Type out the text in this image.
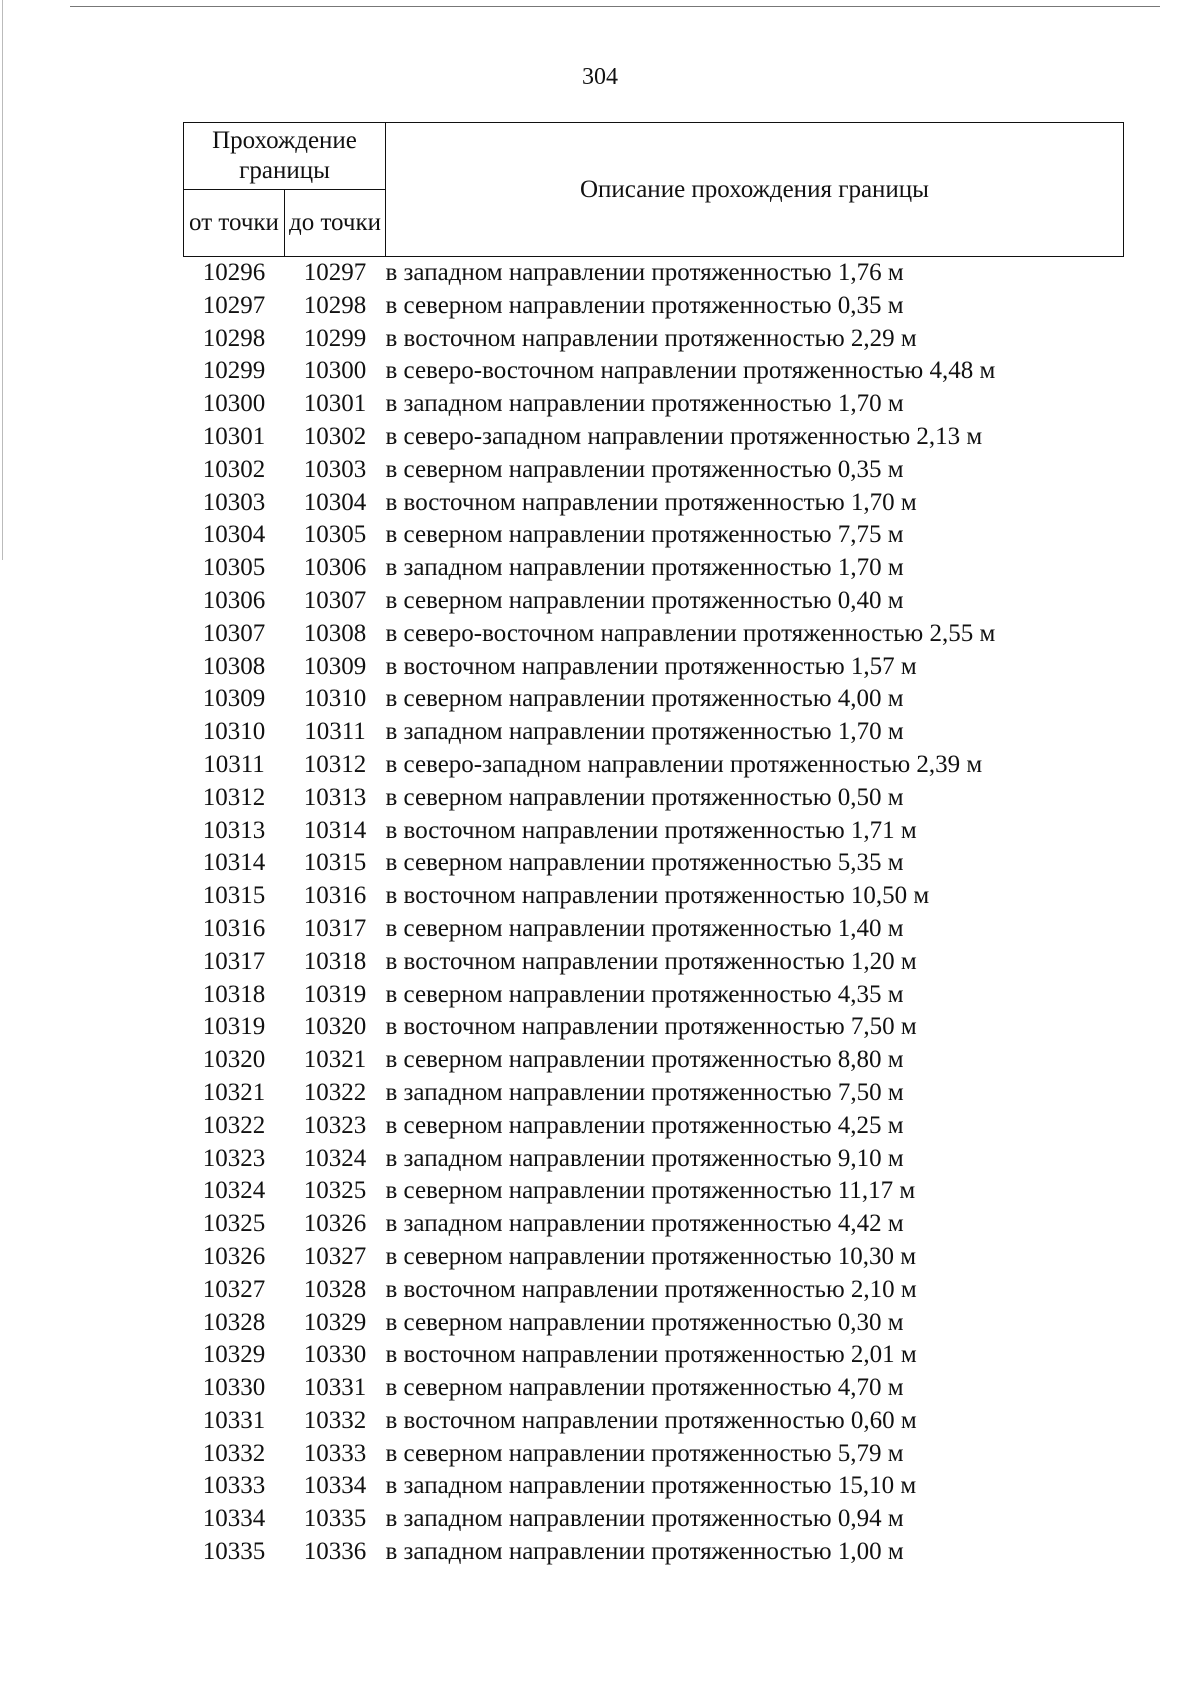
304
Прохождение границы		Описание прохождения границы
от точки	до точки	
10296	10297	в западном направлении протяженностью 1,76 м
10297	10298	в северном направлении протяженностью 0,35 м
10298	10299	в восточном направлении протяженностью 2,29 м
10299	10300	в северо-восточном направлении протяженностью 4,48 м
10300	10301	в западном направлении протяженностью 1,70 м
10301	10302	в северо-западном направлении протяженностью 2,13 м
10302	10303	в северном направлении протяженностью 0,35 м
10303	10304	в восточном направлении протяженностью 1,70 м
10304	10305	в северном направлении протяженностью 7,75 м
10305	10306	в западном направлении протяженностью 1,70 м
10306	10307	в северном направлении протяженностью 0,40 м
10307	10308	в северо-восточном направлении протяженностью 2,55 м
10308	10309	в восточном направлении протяженностью 1,57 м
10309	10310	в северном направлении протяженностью 4,00 м
10310	10311	в западном направлении протяженностью 1,70 м
10311	10312	в северо-западном направлении протяженностью 2,39 м
10312	10313	в северном направлении протяженностью 0,50 м
10313	10314	в восточном направлении протяженностью 1,71 м
10314	10315	в северном направлении протяженностью 5,35 м
10315	10316	в восточном направлении протяженностью 10,50 м
10316	10317	в северном направлении протяженностью 1,40 м
10317	10318	в восточном направлении протяженностью 1,20 м
10318	10319	в северном направлении протяженностью 4,35 м
10319	10320	в восточном направлении протяженностью 7,50 м
10320	10321	в северном направлении протяженностью 8,80 м
10321	10322	в западном направлении протяженностью 7,50 м
10322	10323	в северном направлении протяженностью 4,25 м
10323	10324	в западном направлении протяженностью 9,10 м
10324	10325	в северном направлении протяженностью 11,17 м
10325	10326	в западном направлении протяженностью 4,42 м
10326	10327	в северном направлении протяженностью 10,30 м
10327	10328	в восточном направлении протяженностью 2,10 м
10328	10329	в северном направлении протяженностью 0,30 м
10329	10330	в восточном направлении протяженностью 2,01 м
10330	10331	в северном направлении протяженностью 4,70 м
10331	10332	в восточном направлении протяженностью 0,60 м
10332	10333	в северном направлении протяженностью 5,79 м
10333	10334	в западном направлении протяженностью 15,10 м
10334	10335	в западном направлении протяженностью 0,94 м
10335	10336	в западном направлении протяженностью 1,00 м
